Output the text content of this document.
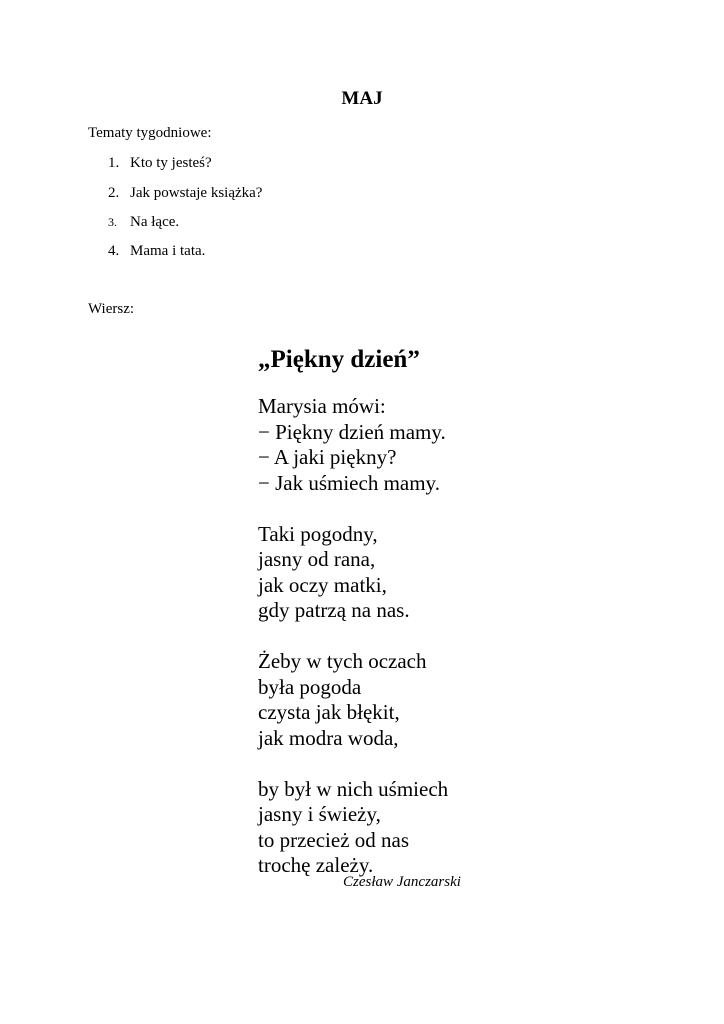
MAJ
Tematy tygodniowe:
1. Kto ty jesteś?
2. Jak powstaje książka?
3. Na łące.
4. Mama i tata.
Wiersz:
„Piękny dzień”
Marysia mówi:
− Piękny dzień mamy.
− A jaki piękny?
− Jak uśmiech mamy.
Taki pogodny,
jasny od rana,
jak oczy matki,
gdy patrzą na nas.
Żeby w tych oczach
była pogoda
czysta jak błękit,
jak modra woda,
by był w nich uśmiech
jasny i świeży,
to przecież od nas
trochę zależy.
Czesław Janczarski
